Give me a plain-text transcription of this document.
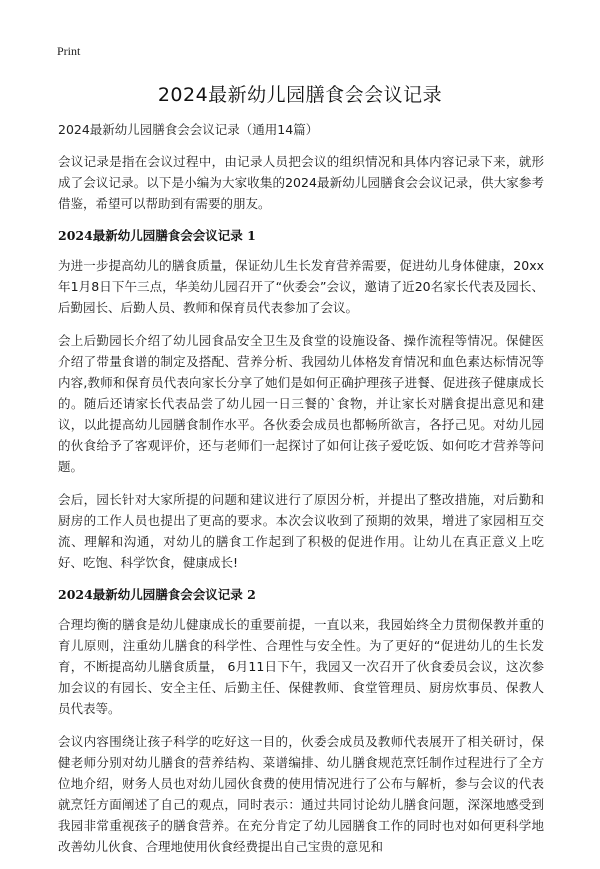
Print
2024最新幼儿园膳食会会议记录
2024最新幼儿园膳食会会议记录（通用14篇）

会议记录是指在会议过程中，由记录人员把会议的组织情况和具体内容记录下来，就形成了会议记录。以下是小编为大家收集的2024最新幼儿园膳食会会议记录，供大家参考借鉴，希望可以帮助到有需要的朋友。

2024最新幼儿园膳食会会议记录 1

为进一步提高幼儿的膳食质量，保证幼儿生长发育营养需要，促进幼儿身体健康，20xx年1月8日下午三点，华美幼儿园召开了“伙委会”会议，邀请了近20名家长代表及园长、后勤园长、后勤人员、教师和保育员代表参加了会议。

会上后勤园长介绍了幼儿园食品安全卫生及食堂的设施设备、操作流程等情况。保健医介绍了带量食谱的制定及搭配、营养分析、我园幼儿体格发育情况和血色素达标情况等内容,教师和保育员代表向家长分享了她们是如何正确护理孩子进餐、促进孩子健康成长的。随后还请家长代表品尝了幼儿园一日三餐的`食物，并让家长对膳食提出意见和建议，以此提高幼儿园膳食制作水平。各伙委会成员也都畅所欲言，各抒己见。对幼儿园的伙食给予了客观评价，还与老师们一起探讨了如何让孩子爱吃饭、如何吃才营养等问题。

会后，园长针对大家所提的问题和建议进行了原因分析，并提出了整改措施，对后勤和厨房的工作人员也提出了更高的要求。本次会议收到了预期的效果，增进了家园相互交流、理解和沟通，对幼儿的膳食工作起到了积极的促进作用。让幼儿在真正意义上吃好、吃饱、科学饮食，健康成长!

2024最新幼儿园膳食会会议记录 2

合理均衡的膳食是幼儿健康成长的重要前提，一直以来，我园始终全力贯彻保教并重的育儿原则，注重幼儿膳食的科学性、合理性与安全性。为了更好的“促进幼儿的生长发育，不断提高幼儿膳食质量， 6月11日下午，我园又一次召开了伙食委员会议，这次参加会议的有园长、安全主任、后勤主任、保健教师、食堂管理员、厨房炊事员、保教人员代表等。

会议内容围绕让孩子科学的吃好这一目的，伙委会成员及教师代表展开了相关研讨，保健老师分别对幼儿膳食的营养结构、菜谱编排、幼儿膳食规范烹饪制作过程进行了全方位地介绍，财务人员也对幼儿园伙食费的使用情况进行了公布与解析，参与会议的代表就烹饪方面阐述了自己的观点，同时表示：通过共同讨论幼儿膳食问题，深深地感受到我园非常重视孩子的膳食营养。在充分肯定了幼儿园膳食工作的同时也对如何更科学地改善幼儿伙食、合理地使用伙食经费提出自己宝贵的意见和
